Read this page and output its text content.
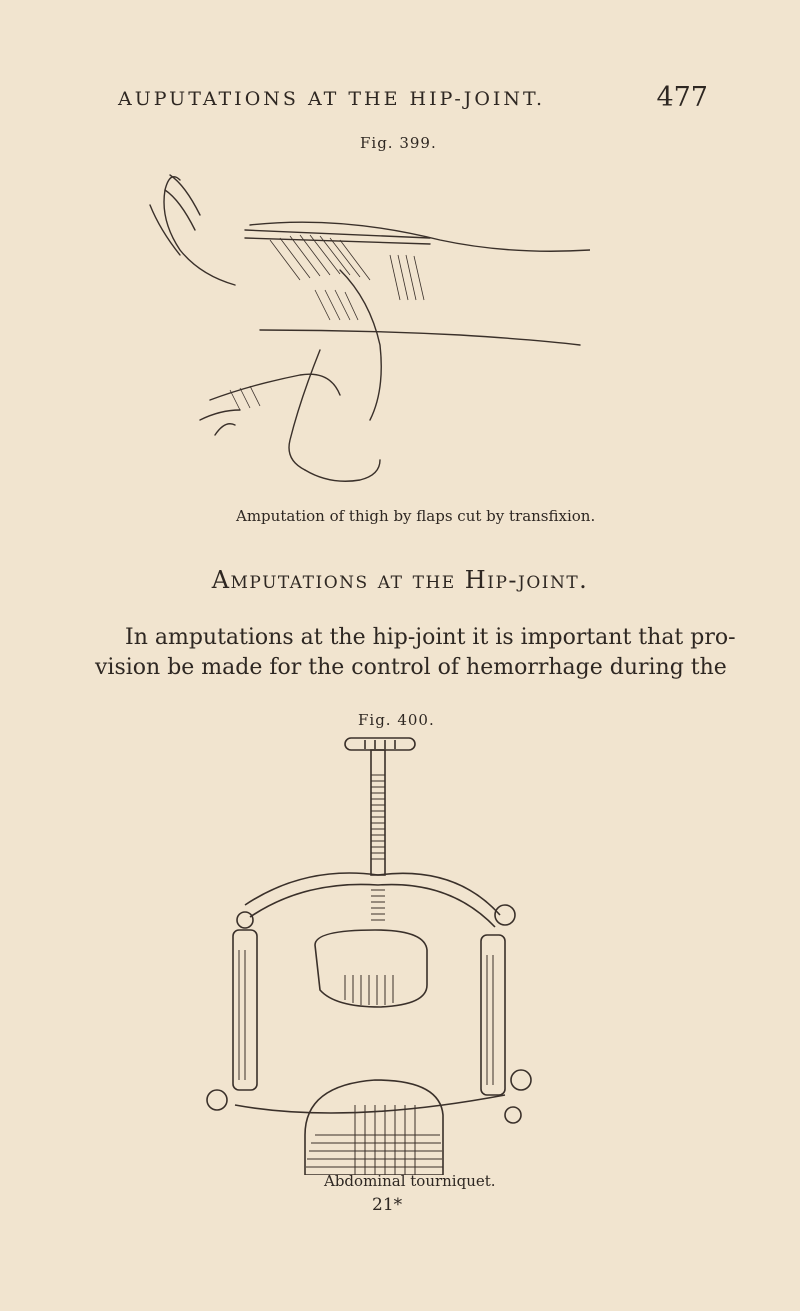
AUPUTATIONS AT THE HIP-JOINT.	477
Fig. 399.
Amputation of thigh by flaps cut by transfixion.
Amputations at the Hip-joint.
In amputations at the hip-joint it is important that pro-
vision be made for the control of hemorrhage during the
Fig. 400.
Abdominal tourniquet.
21*
